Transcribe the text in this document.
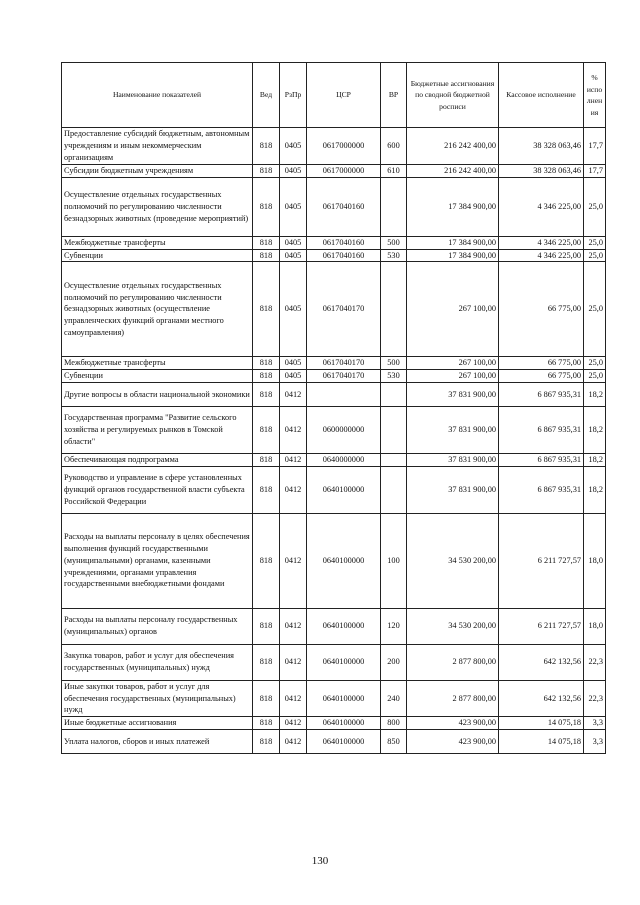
Наименование показателей	Вед	РзПр	ЦСР	ВР	Бюджетные ассигнования по сводной бюджетной росписи	Кассовое исполнение	% исполнения
Предоставление субсидий бюджетным, автономным учреждениям и иным некоммерческим организациям	818	0405	0617000000	600	216 242 400,00	38 328 063,46	17,7
Субсидии бюджетным учреждениям	818	0405	0617000000	610	216 242 400,00	38 328 063,46	17,7
Осуществление отдельных государственных полномочий по регулированию численности безнадзорных животных (проведение мероприятий)	818	0405	0617040160		17 384 900,00	4 346 225,00	25,0
Межбюджетные трансферты	818	0405	0617040160	500	17 384 900,00	4 346 225,00	25,0
Субвенции	818	0405	0617040160	530	17 384 900,00	4 346 225,00	25,0
Осуществление отдельных государственных полномочий по регулированию численности безнадзорных животных (осуществление управленческих функций органами местного самоуправления)	818	0405	0617040170		267 100,00	66 775,00	25,0
Межбюджетные трансферты	818	0405	0617040170	500	267 100,00	66 775,00	25,0
Субвенции	818	0405	0617040170	530	267 100,00	66 775,00	25,0
Другие вопросы в области национальной экономики	818	0412			37 831 900,00	6 867 935,31	18,2
Государственная программа "Развитие сельского хозяйства и регулируемых рынков в Томской области"	818	0412	0600000000		37 831 900,00	6 867 935,31	18,2
Обеспечивающая подпрограмма	818	0412	0640000000		37 831 900,00	6 867 935,31	18,2
Руководство и управление в сфере установленных функций органов государственной власти субъекта Российской Федерации	818	0412	0640100000		37 831 900,00	6 867 935,31	18,2
Расходы на выплаты персоналу в целях обеспечения выполнения функций государственными (муниципальными) органами, казенными учреждениями, органами управления государственными внебюджетными фондами	818	0412	0640100000	100	34 530 200,00	6 211 727,57	18,0
Расходы на выплаты персоналу государственных (муниципальных) органов	818	0412	0640100000	120	34 530 200,00	6 211 727,57	18,0
Закупка товаров, работ и услуг для обеспечения государственных (муниципальных) нужд	818	0412	0640100000	200	2 877 800,00	642 132,56	22,3
Иные закупки товаров, работ и услуг для обеспечения государственных (муниципальных) нужд	818	0412	0640100000	240	2 877 800,00	642 132,56	22,3
Иные бюджетные ассигнования	818	0412	0640100000	800	423 900,00	14 075,18	3,3
Уплата налогов, сборов и иных платежей	818	0412	0640100000	850	423 900,00	14 075,18	3,3
130
